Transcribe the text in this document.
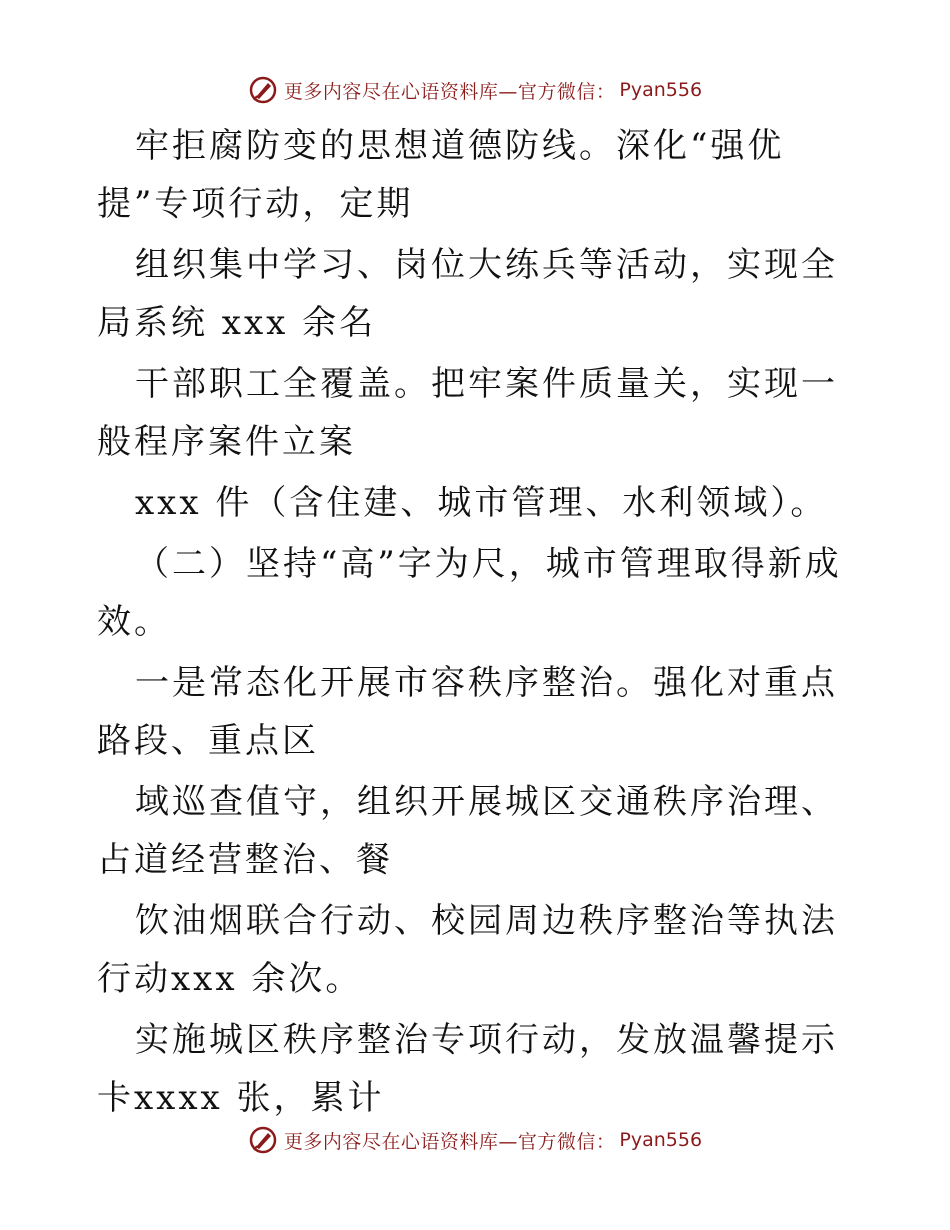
更多内容尽在心语资料库—官方微信： Pyan556

牢拒腐防变的思想道德防线。深化“强优提”专项行动，定期

组织集中学习、岗位大练兵等活动，实现全局系统 xxx 余名

干部职工全覆盖。把牢案件质量关，实现一般程序案件立案

xxx 件（含住建、城市管理、水利领域）。

（二）坚持“高”字为尺，城市管理取得新成效。

一是常态化开展市容秩序整治。强化对重点路段、重点区

域巡查值守，组织开展城区交通秩序治理、占道经营整治、餐

饮油烟联合行动、校园周边秩序整治等执法行动xxx 余次。

实施城区秩序整治专项行动，发放温馨提示卡xxxx 张，累计

更多内容尽在心语资料库—官方微信： Pyan556
